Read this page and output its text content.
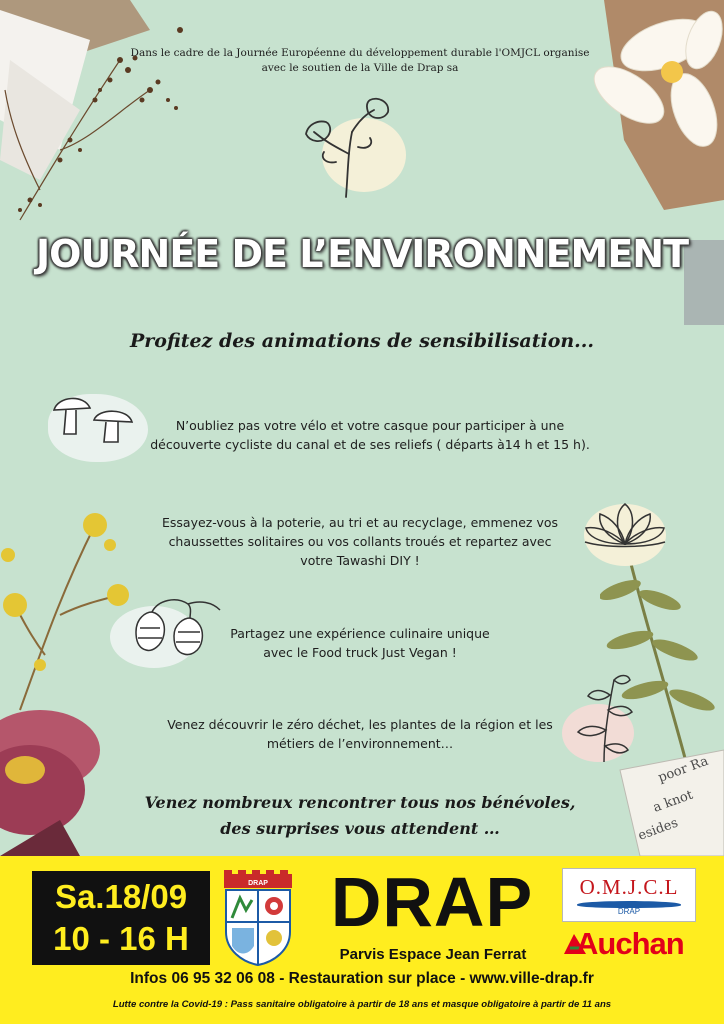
poor Ra
a knot
esides
Dans le cadre de la Journée Européenne du développement durable l'OMJCL organise
avec le soutien de la Ville de Drap sa
JOURNÉE DE L’ENVIRONNEMENT
Profitez des animations de sensibilisation...
N’oubliez pas votre vélo et votre casque pour participer à une
découverte cycliste du canal et de ses reliefs ( départs à14 h et 15 h).
Essayez-vous à la poterie, au tri et au recyclage, emmenez vos
chaussettes solitaires ou vos collants troués et repartez avec
votre Tawashi DIY !
Partagez une expérience culinaire unique
avec le Food truck Just Vegan !
Venez découvrir le zéro déchet, les plantes de la région et les
métiers de l’environnement…
Venez nombreux rencontrer tous nos bénévoles,
des surprises vous attendent …
Sa.18/09
10 - 16 H
DRAP DRAP
Parvis Espace Jean Ferrat
O.M.J.C.L
DRAP
Auchan
Infos 06 95 32 06 08 - Restauration sur place - www.ville-drap.fr
Lutte contre la Covid-19 : Pass sanitaire obligatoire à partir de 18 ans et masque obligatoire à partir de 11 ans
